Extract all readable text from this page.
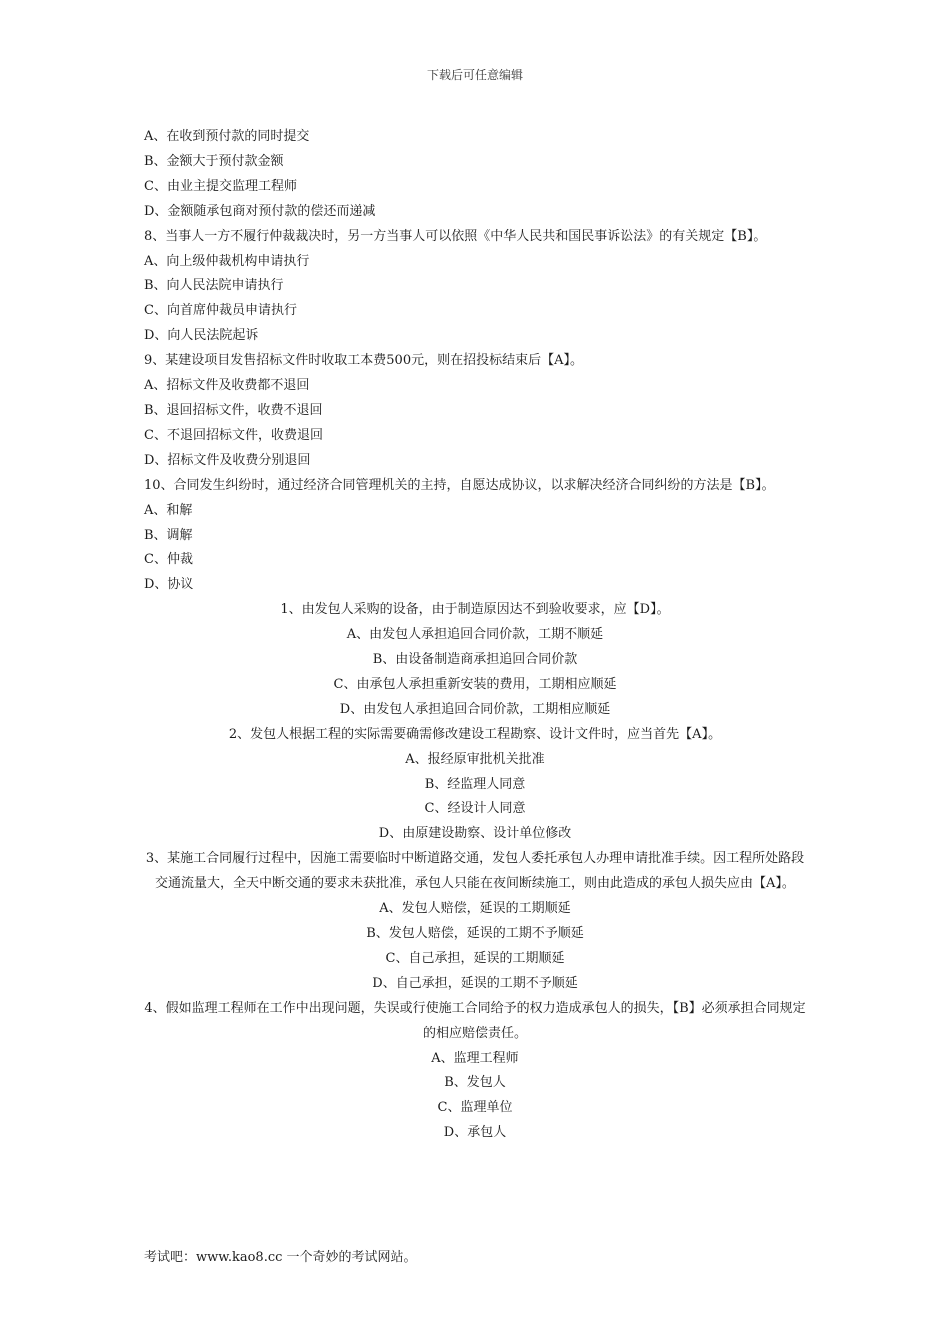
下载后可任意编辑
A、在收到预付款的同时提交
B、金额大于预付款金额
C、由业主提交监理工程师
D、金额随承包商对预付款的偿还而递减
8、当事人一方不履行仲裁裁决时，另一方当事人可以依照《中华人民共和国民事诉讼法》的有关规定【B】。
A、向上级仲裁机构申请执行
B、向人民法院申请执行
C、向首席仲裁员申请执行
D、向人民法院起诉
9、某建设项目发售招标文件时收取工本费500元，则在招投标结束后【A】。
A、招标文件及收费都不退回
B、退回招标文件，收费不退回
C、不退回招标文件，收费退回
D、招标文件及收费分别退回
10、合同发生纠纷时，通过经济合同管理机关的主持，自愿达成协议，以求解决经济合同纠纷的方法是【B】。
A、和解
B、调解
C、仲裁
D、协议
1、由发包人采购的设备，由于制造原因达不到验收要求，应【D】。
A、由发包人承担追回合同价款，工期不顺延
B、由设备制造商承担追回合同价款
C、由承包人承担重新安装的费用，工期相应顺延
D、由发包人承担追回合同价款，工期相应顺延
2、发包人根据工程的实际需要确需修改建设工程勘察、设计文件时，应当首先【A】。
A、报经原审批机关批准
B、经监理人同意
C、经设计人同意
D、由原建设勘察、设计单位修改
3、某施工合同履行过程中，因施工需要临时中断道路交通，发包人委托承包人办理申请批准手续。因工程所处路段交通流量大，全天中断交通的要求未获批准，承包人只能在夜间断续施工，则由此造成的承包人损失应由【A】。
A、发包人赔偿，延误的工期顺延
B、发包人赔偿，延误的工期不予顺延
C、自己承担，延误的工期顺延
D、自己承担，延误的工期不予顺延
4、假如监理工程师在工作中出现问题，失误或行使施工合同给予的权力造成承包人的损失，【B】必须承担合同规定的相应赔偿责任。
A、监理工程师
B、发包人
C、监理单位
D、承包人
考试吧：www.kao8.cc 一个奇妙的考试网站。
